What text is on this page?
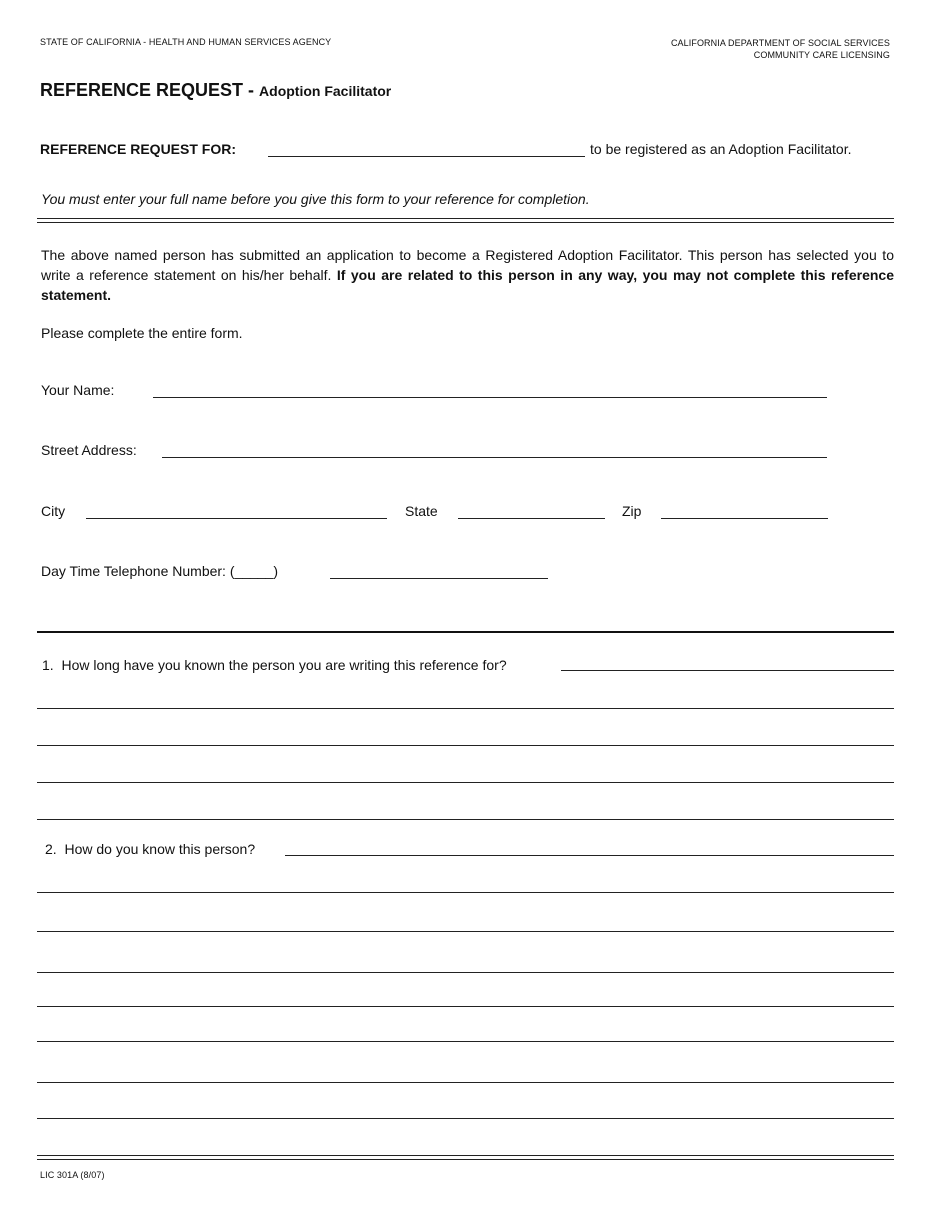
STATE OF CALIFORNIA - HEALTH AND HUMAN SERVICES AGENCY	CALIFORNIA DEPARTMENT OF SOCIAL SERVICES
COMMUNITY CARE LICENSING
REFERENCE REQUEST - Adoption Facilitator
REFERENCE REQUEST FOR:	to be registered as an Adoption Facilitator.
You must enter your full name before you give this form to your reference for completion.
The above named person has submitted an application to become a Registered Adoption Facilitator. This person has selected you to write a reference statement on his/her behalf. If you are related to this person in any way, you may not complete this reference statement.
Please complete the entire form.
Your Name:
Street Address:
City	State	Zip
Day Time Telephone Number: (_____)
1. How long have you known the person you are writing this reference for?
2. How do you know this person?
LIC 301A (8/07)
